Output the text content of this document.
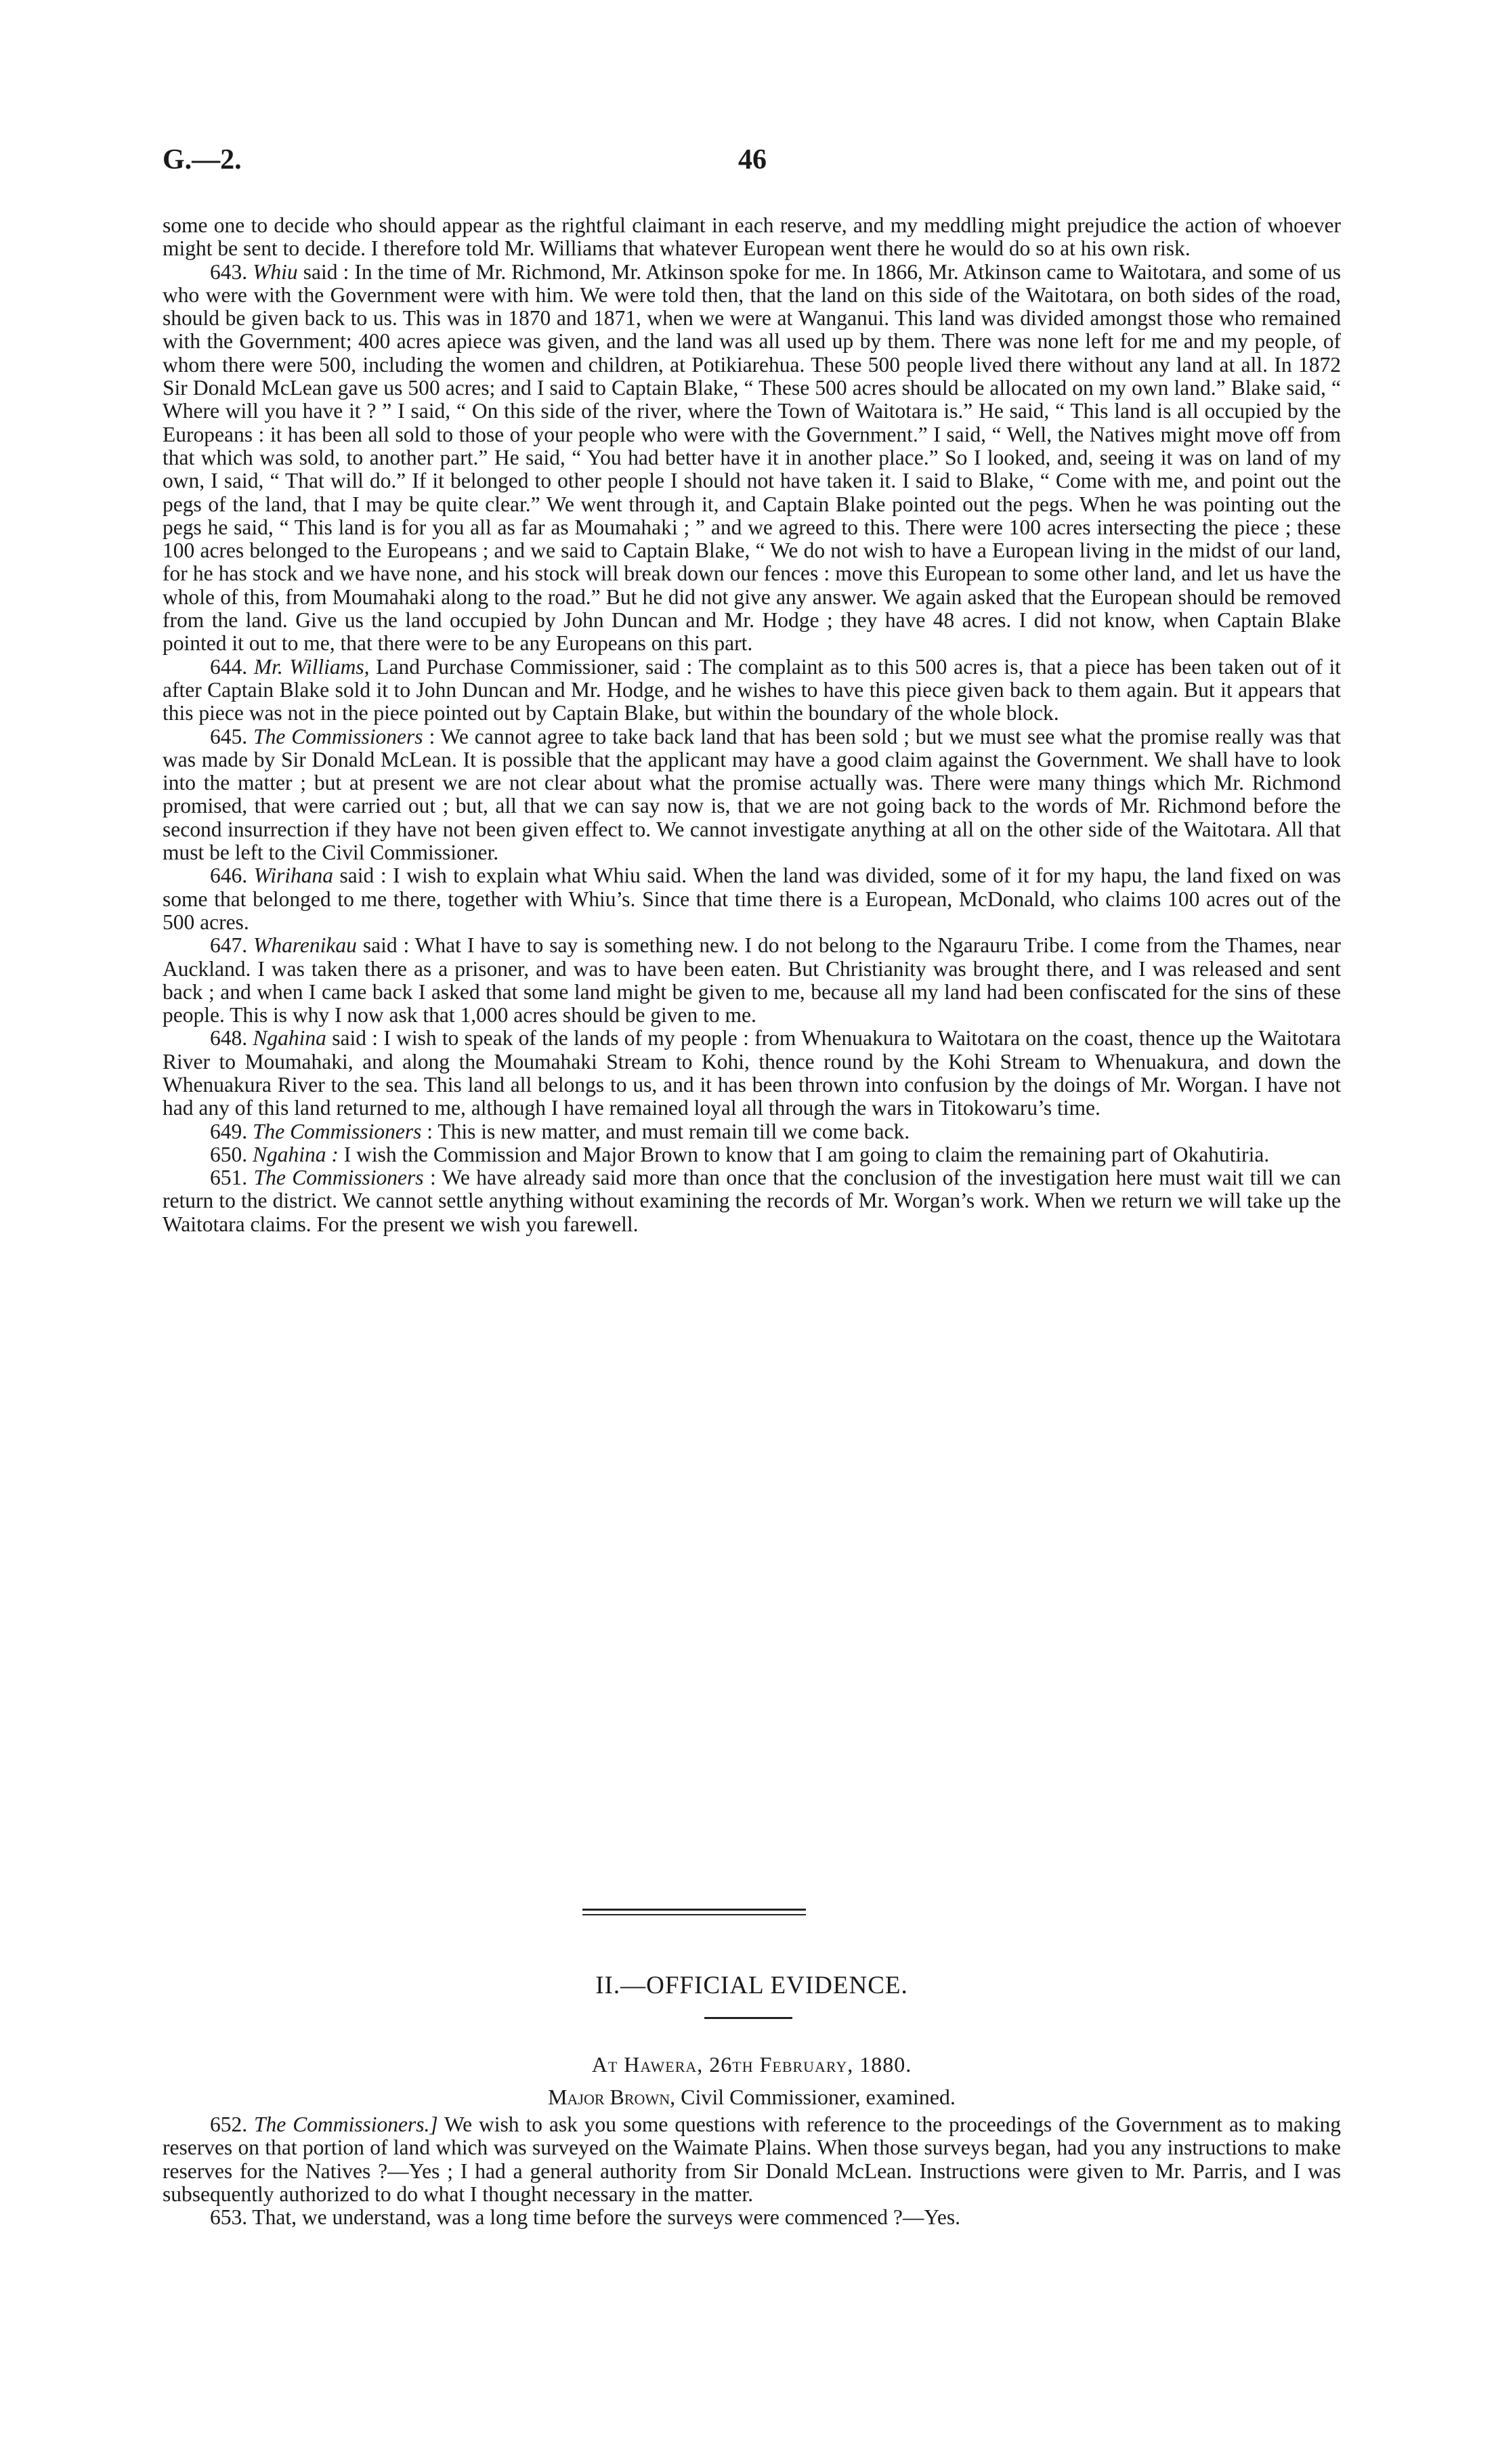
G.—2.	46

some one to decide who should appear as the rightful claimant in each reserve, and my meddling might prejudice the action of whoever might be sent to decide. I therefore told Mr. Williams that whatever European went there he would do so at his own risk.

643. Whiu said : In the time of Mr. Richmond, Mr. Atkinson spoke for me. In 1866, Mr. Atkinson came to Waitotara, and some of us who were with the Government were with him. We were told then, that the land on this side of the Waitotara, on both sides of the road, should be given back to us. This was in 1870 and 1871, when we were at Wanganui. This land was divided amongst those who remained with the Government; 400 acres apiece was given, and the land was all used up by them. There was none left for me and my people, of whom there were 500, including the women and children, at Potikiarehua. These 500 people lived there without any land at all. In 1872 Sir Donald McLean gave us 500 acres; and I said to Captain Blake, “ These 500 acres should be allocated on my own land.” Blake said, “ Where will you have it ? ” I said, “ On this side of the river, where the Town of Waitotara is.” He said, “ This land is all occupied by the Europeans : it has been all sold to those of your people who were with the Government.” I said, “ Well, the Natives might move off from that which was sold, to another part.” He said, “ You had better have it in another place.” So I looked, and, seeing it was on land of my own, I said, “ That will do.” If it belonged to other people I should not have taken it. I said to Blake, “ Come with me, and point out the pegs of the land, that I may be quite clear.” We went through it, and Captain Blake pointed out the pegs. When he was pointing out the pegs he said, “ This land is for you all as far as Moumahaki ; ” and we agreed to this. There were 100 acres intersecting the piece ; these 100 acres belonged to the Europeans ; and we said to Captain Blake, “ We do not wish to have a European living in the midst of our land, for he has stock and we have none, and his stock will break down our fences : move this European to some other land, and let us have the whole of this, from Moumahaki along to the road.” But he did not give any answer. We again asked that the European should be removed from the land. Give us the land occupied by John Duncan and Mr. Hodge ; they have 48 acres. I did not know, when Captain Blake pointed it out to me, that there were to be any Europeans on this part.

644. Mr. Williams, Land Purchase Commissioner, said : The complaint as to this 500 acres is, that a piece has been taken out of it after Captain Blake sold it to John Duncan and Mr. Hodge, and he wishes to have this piece given back to them again. But it appears that this piece was not in the piece pointed out by Captain Blake, but within the boundary of the whole block.

645. The Commissioners : We cannot agree to take back land that has been sold ; but we must see what the promise really was that was made by Sir Donald McLean. It is possible that the applicant may have a good claim against the Government. We shall have to look into the matter ; but at present we are not clear about what the promise actually was. There were many things which Mr. Richmond promised, that were carried out ; but, all that we can say now is, that we are not going back to the words of Mr. Richmond before the second insurrection if they have not been given effect to. We cannot investigate anything at all on the other side of the Waitotara. All that must be left to the Civil Commissioner.

646. Wirihana said : I wish to explain what Whiu said. When the land was divided, some of it for my hapu, the land fixed on was some that belonged to me there, together with Whiu’s. Since that time there is a European, McDonald, who claims 100 acres out of the 500 acres.

647. Wharenikau said : What I have to say is something new. I do not belong to the Ngarauru Tribe. I come from the Thames, near Auckland. I was taken there as a prisoner, and was to have been eaten. But Christianity was brought there, and I was released and sent back ; and when I came back I asked that some land might be given to me, because all my land had been confiscated for the sins of these people. This is why I now ask that 1,000 acres should be given to me.

648. Ngahina said : I wish to speak of the lands of my people : from Whenuakura to Waitotara on the coast, thence up the Waitotara River to Moumahaki, and along the Moumahaki Stream to Kohi, thence round by the Kohi Stream to Whenuakura, and down the Whenuakura River to the sea. This land all belongs to us, and it has been thrown into confusion by the doings of Mr. Worgan. I have not had any of this land returned to me, although I have remained loyal all through the wars in Titokowaru’s time.

649. The Commissioners : This is new matter, and must remain till we come back.

650. Ngahina : I wish the Commission and Major Brown to know that I am going to claim the remaining part of Okahutiria.

651. The Commissioners : We have already said more than once that the conclusion of the investigation here must wait till we can return to the district. We cannot settle anything without examining the records of Mr. Worgan’s work. When we return we will take up the Waitotara claims. For the present we wish you farewell.

II.—OFFICIAL EVIDENCE.
At Hawera, 26th February, 1880.
Major Brown, Civil Commissioner, examined.

652. The Commissioners.] We wish to ask you some questions with reference to the proceedings of the Government as to making reserves on that portion of land which was surveyed on the Waimate Plains. When those surveys began, had you any instructions to make reserves for the Natives ?—Yes ; I had a general authority from Sir Donald McLean. Instructions were given to Mr. Parris, and I was subsequently authorized to do what I thought necessary in the matter.

653. That, we understand, was a long time before the surveys were commenced ?—Yes.
